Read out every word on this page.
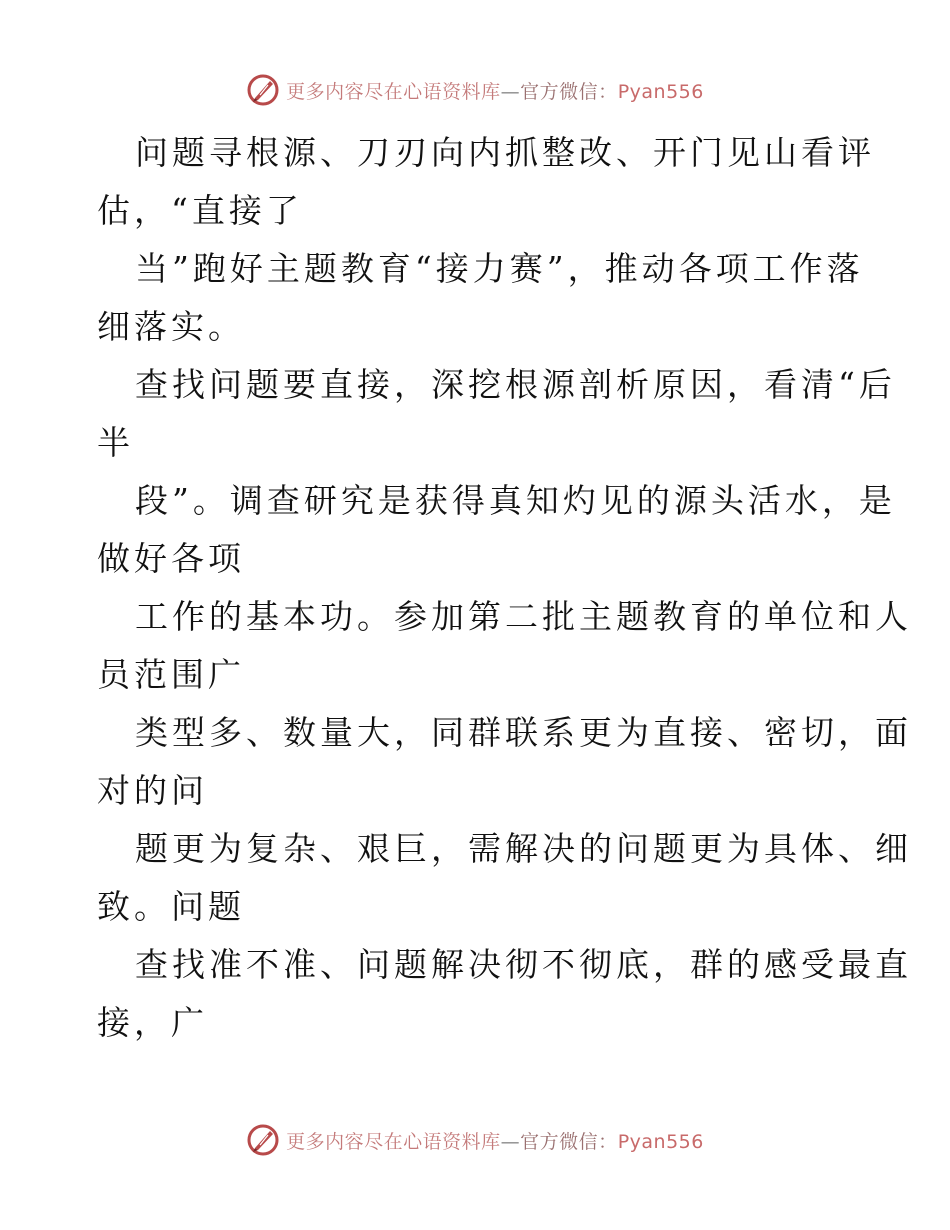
更多内容尽在心语资料库—官方微信：Pyan556
问题寻根源、刀刃向内抓整改、开门见山看评
估，“直接了
当”跑好主题教育“接力赛”，推动各项工作落
细落实。
查找问题要直接，深挖根源剖析原因，看清“后
半
段”。调查研究是获得真知灼见的源头活水，是
做好各项
工作的基本功。参加第二批主题教育的单位和人
员范围广
类型多、数量大，同群联系更为直接、密切，面
对的问
题更为复杂、艰巨，需解决的问题更为具体、细
致。问题
查找准不准、问题解决彻不彻底，群的感受最直
接，广
更多内容尽在心语资料库—官方微信：Pyan556
